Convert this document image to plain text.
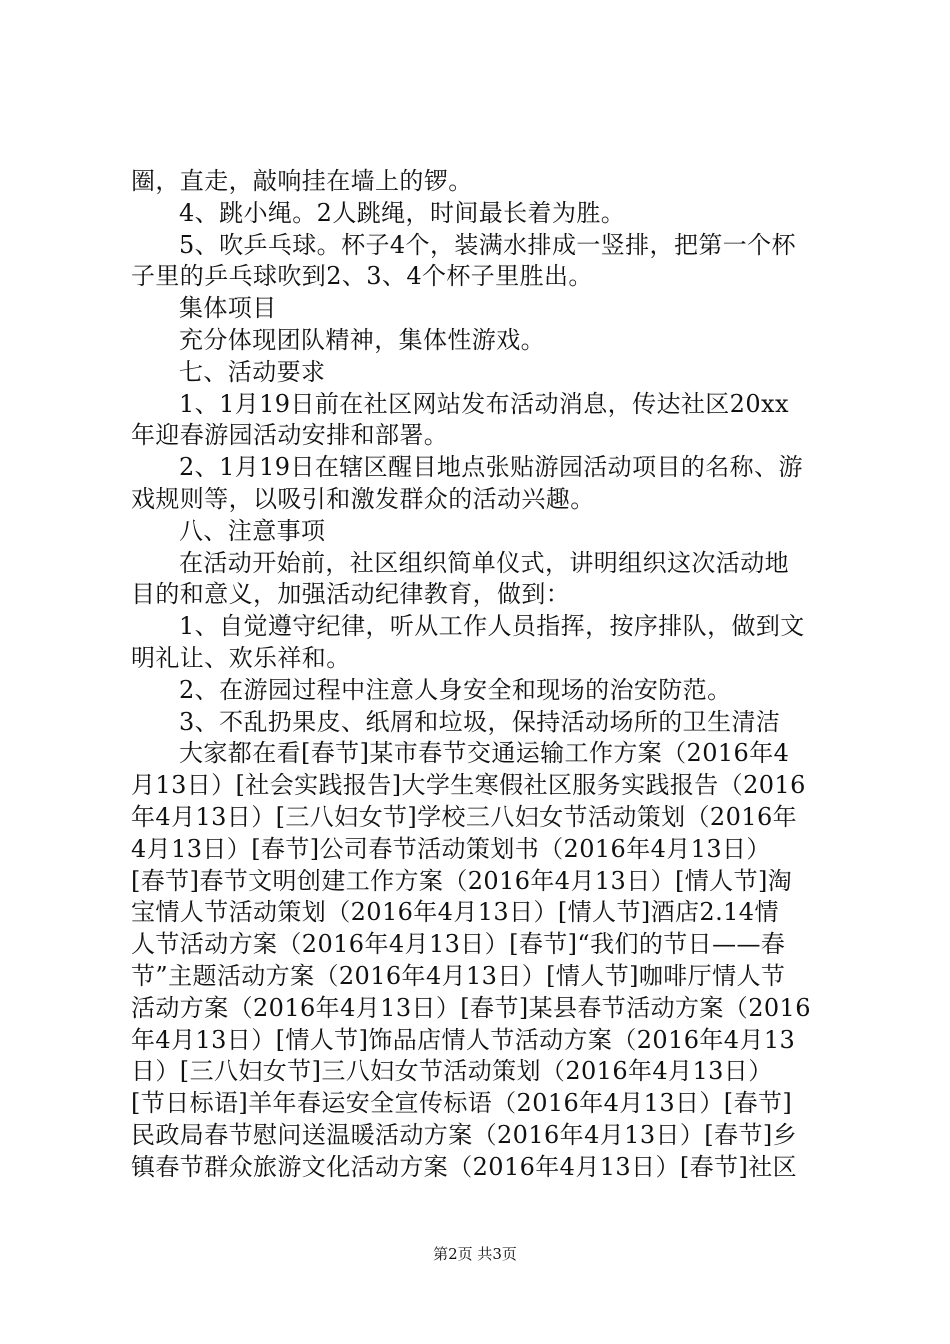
圈，直走，敲响挂在墙上的锣。
4、跳小绳。2人跳绳，时间最长着为胜。
5、吹乒乓球。杯子4个，装满水排成一竖排，把第一个杯
子里的乒乓球吹到2、3、4个杯子里胜出。
集体项目
充分体现团队精神，集体性游戏。
七、活动要求
1、1月19日前在社区网站发布活动消息，传达社区20xx
年迎春游园活动安排和部署。
2、1月19日在辖区醒目地点张贴游园活动项目的名称、游
戏规则等，以吸引和激发群众的活动兴趣。
八、注意事项
在活动开始前，社区组织简单仪式，讲明组织这次活动地
目的和意义，加强活动纪律教育，做到：
1、自觉遵守纪律，听从工作人员指挥，按序排队，做到文
明礼让、欢乐祥和。
2、在游园过程中注意人身安全和现场的治安防范。
3、不乱扔果皮、纸屑和垃圾，保持活动场所的卫生清洁
大家都在看[春节]某市春节交通运输工作方案（2016年4
月13日）[社会实践报告]大学生寒假社区服务实践报告（2016
年4月13日）[三八妇女节]学校三八妇女节活动策划（2016年
4月13日）[春节]公司春节活动策划书（2016年4月13日）
[春节]春节文明创建工作方案（2016年4月13日）[情人节]淘
宝情人节活动策划（2016年4月13日）[情人节]酒店2.14情
人节活动方案（2016年4月13日）[春节]“我们的节日——春
节”主题活动方案（2016年4月13日）[情人节]咖啡厅情人节
活动方案（2016年4月13日）[春节]某县春节活动方案（2016
年4月13日）[情人节]饰品店情人节活动方案（2016年4月13
日）[三八妇女节]三八妇女节活动策划（2016年4月13日）
[节日标语]羊年春运安全宣传标语（2016年4月13日）[春节]
民政局春节慰问送温暖活动方案（2016年4月13日）[春节]乡
镇春节群众旅游文化活动方案（2016年4月13日）[春节]社区
第2页 共3页
